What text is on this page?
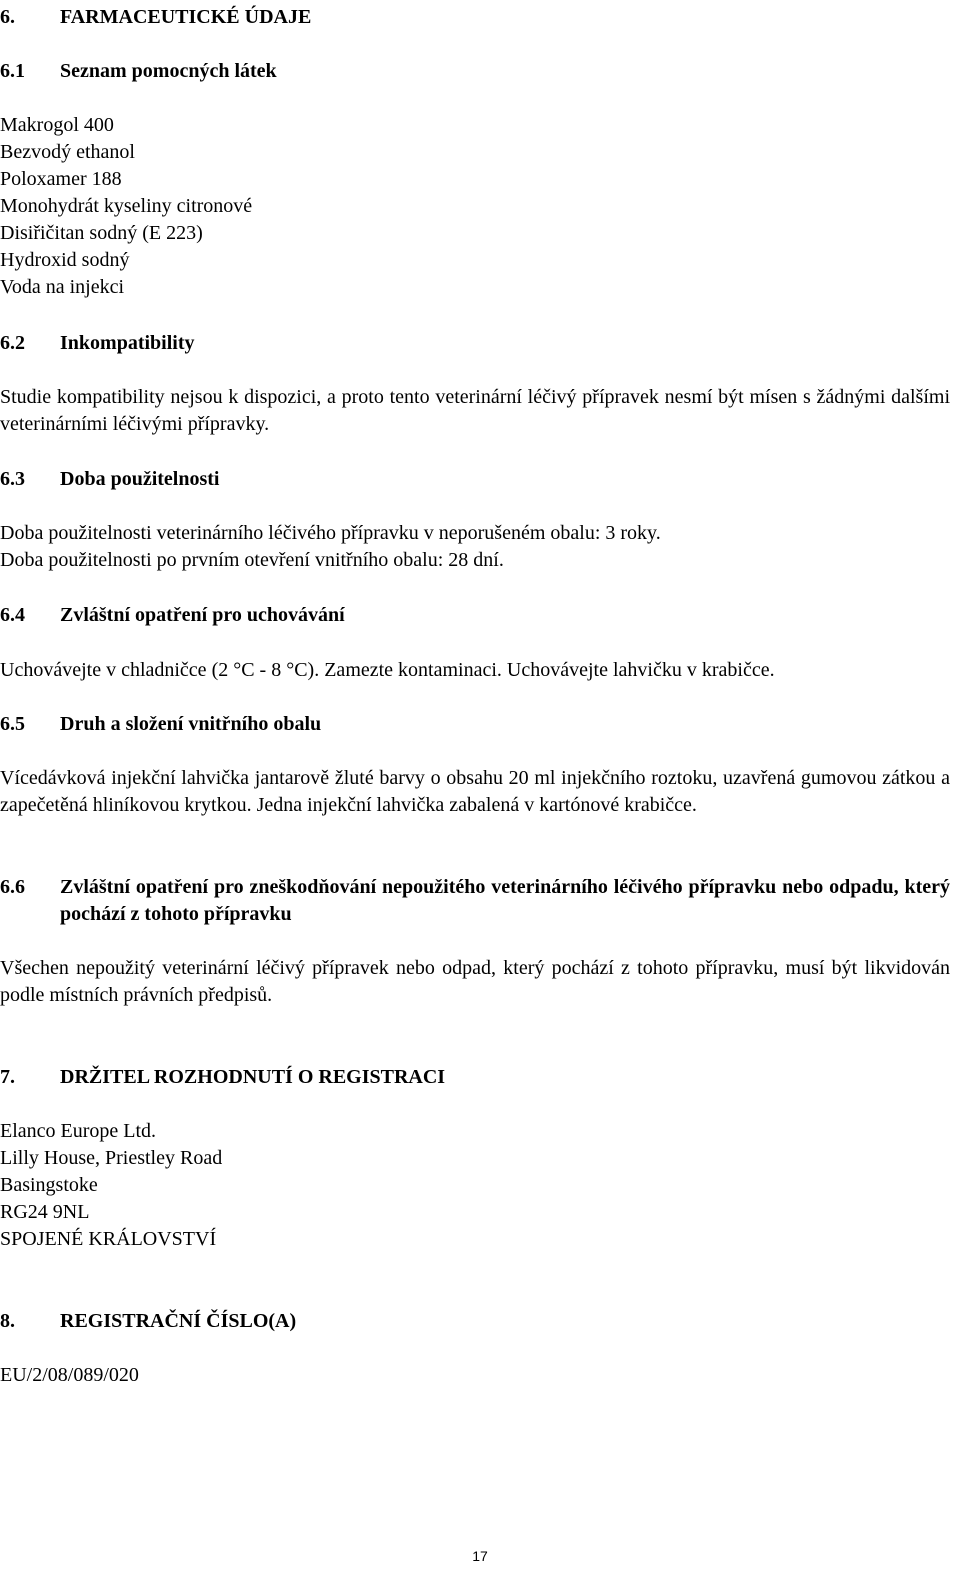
6. FARMACEUTICKÉ ÚDAJE
6.1 Seznam pomocných látek
Makrogol 400
Bezvodý ethanol
Poloxamer 188
Monohydrát kyseliny citronové
Disiřičitan sodný (E 223)
Hydroxid sodný
Voda na injekci
6.2 Inkompatibility

Studie kompatibility nejsou k dispozici, a proto tento veterinární léčivý přípravek nesmí být mísen s žádnými dalšími veterinárními léčivými přípravky.

6.3 Doba použitelnosti
Doba použitelnosti veterinárního léčivého přípravku v neporušeném obalu: 3 roky.
Doba použitelnosti po prvním otevření vnitřního obalu: 28 dní.
6.4 Zvláštní opatření pro uchovávání
Uchovávejte v chladničce (2 °C - 8 °C). Zamezte kontaminaci. Uchovávejte lahvičku v krabičce.
6.5 Druh a složení vnitřního obalu

Vícedávková injekční lahvička jantarově žluté barvy o obsahu 20 ml injekčního roztoku, uzavřená gumovou zátkou a zapečetěná hliníkovou krytkou. Jedna injekční lahvička zabalená v kartónové krabičce.

6.6	Zvláštní opatření pro zneškodňování nepoužitého veterinárního léčivého přípravku nebo odpadu, který pochází z tohoto přípravku

Všechen nepoužitý veterinární léčivý přípravek nebo odpad, který pochází z tohoto přípravku, musí být likvidován podle místních právních předpisů.

7. DRŽITEL ROZHODNUTÍ O REGISTRACI
Elanco Europe Ltd.
Lilly House, Priestley Road
Basingstoke
RG24 9NL
SPOJENÉ KRÁLOVSTVÍ
8. REGISTRAČNÍ ČÍSLO(A)
EU/2/08/089/020
17
